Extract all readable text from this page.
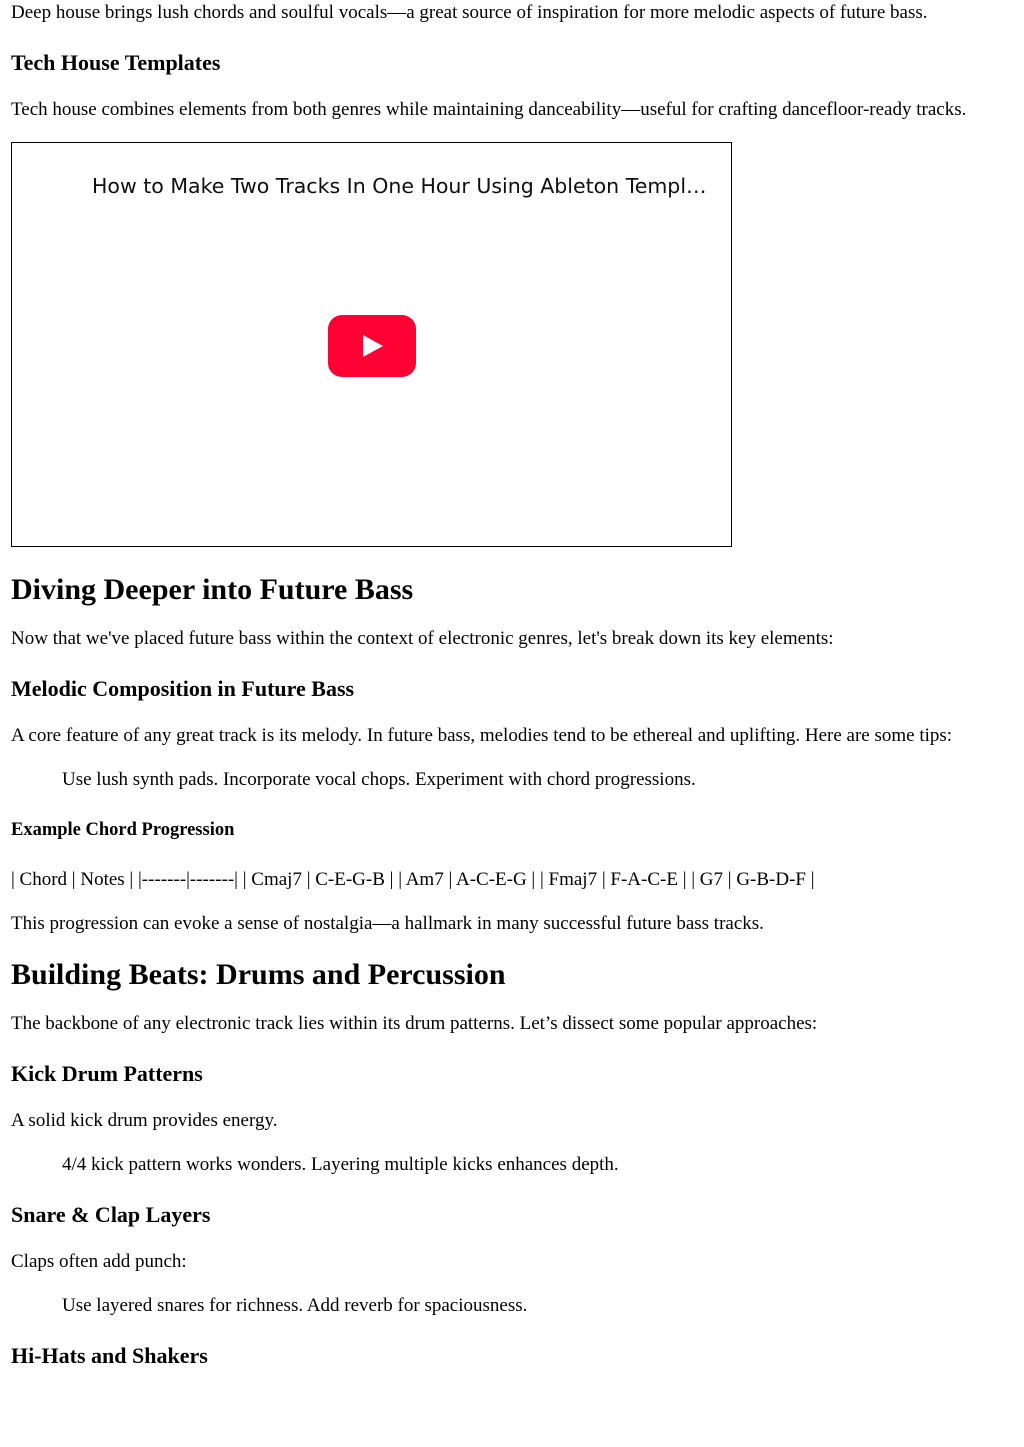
Deep house brings lush chords and soulful vocals—a great source of inspiration for more melodic aspects of future bass.

Tech House Templates

Tech house combines elements from both genres while maintaining danceability—useful for crafting dancefloor-ready tracks.

How to Make Two Tracks In One Hour Using Ableton Templ…
Diving Deeper into Future Bass

Now that we've placed future bass within the context of electronic genres, let's break down its key elements:

Melodic Composition in Future Bass

A core feature of any great track is its melody. In future bass, melodies tend to be ethereal and uplifting. Here are some tips:

Use lush synth pads. Incorporate vocal chops. Experiment with chord progressions.

Example Chord Progression

| Chord | Notes | |-------|-------| | Cmaj7 | C-E-G-B | | Am7 | A-C-E-G | | Fmaj7 | F-A-C-E | | G7 | G-B-D-F |

This progression can evoke a sense of nostalgia—a hallmark in many successful future bass tracks.

Building Beats: Drums and Percussion

The backbone of any electronic track lies within its drum patterns. Let’s dissect some popular approaches:

Kick Drum Patterns

A solid kick drum provides energy.

4/4 kick pattern works wonders. Layering multiple kicks enhances depth.

Snare & Clap Layers

Claps often add punch:

Use layered snares for richness. Add reverb for spaciousness.

Hi-Hats and Shakers
